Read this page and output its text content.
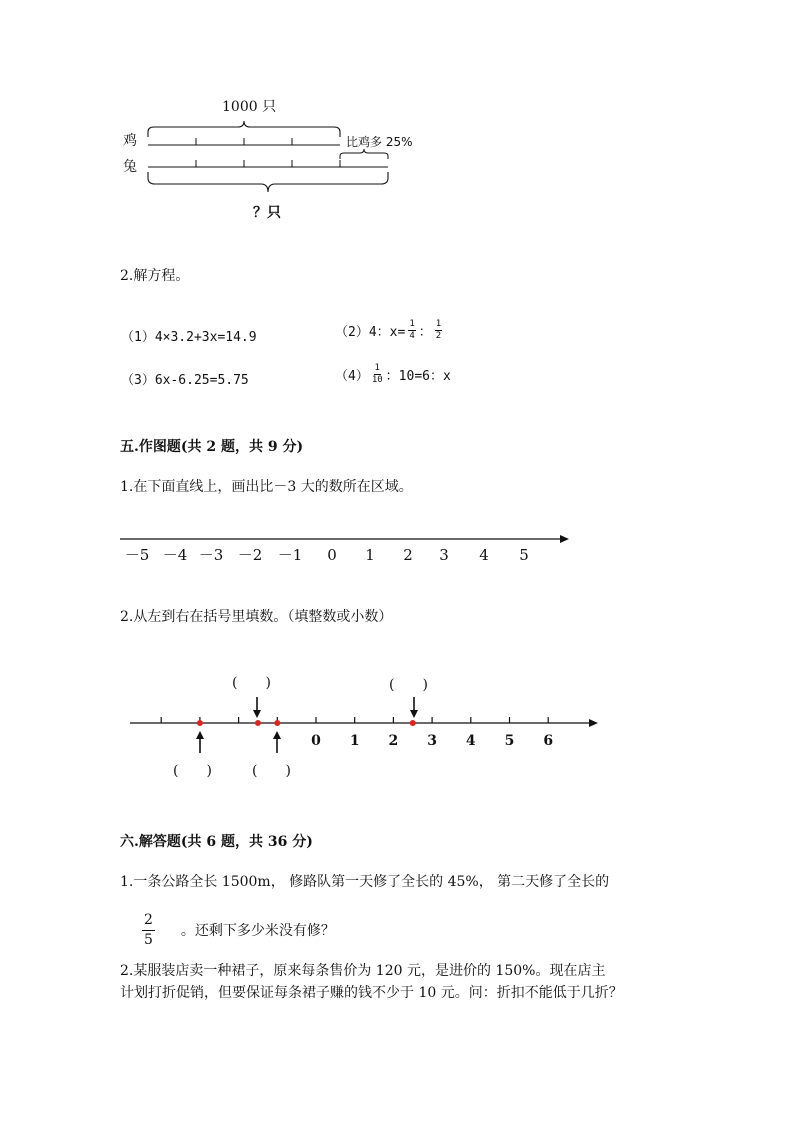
1000 只
鸡
兔
比鸡多 25%
？只
2.解方程。
（1）4×3.2+3x=14.9	（2）4：$x= \frac{1}{4}$ ： $\frac{1}{2}$
（3）6x-6.25=5.75	$(4) \frac{1}{10}$ ：10=6：x
五.作图题(共 2 题，共 9 分)
1.在下面直线上，画出比－3 大的数所在区域。
－5 －4 －3 －2 －1 0 1 2 3 4 5
2.从左到右在括号里填数。（填整数或小数）
0 1 2 3 4 5 6
(　　)	(　　)
(　　)	(　　)
六.解答题(共 6 题，共 36 分)
1.一条公路全长 1500m， 修路队第一天修了全长的 45%， 第二天修了全长的
2
5
。还剩下多少米没有修？
2.某服装店卖一种裙子，原来每条售价为 120 元，是进价的 150%。现在店主
计划打折促销，但要保证每条裙子赚的钱不少于 10 元。问：折扣不能低于几折？
